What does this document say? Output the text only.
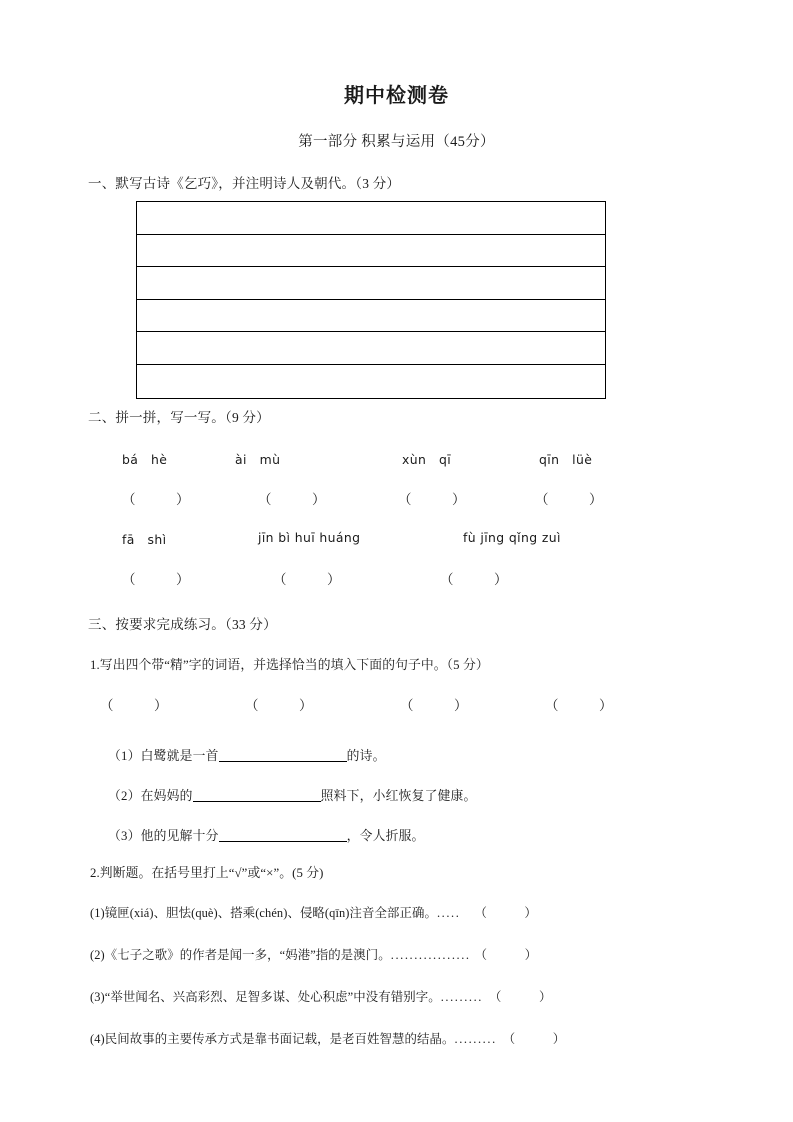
期中检测卷
第一部分 积累与运用（45分）
一、默写古诗《乞巧》，并注明诗人及朝代。（3 分）
二、拼一拼，写一写。（9 分）
bá　hè	ài　mù	xùn　qī	qīn　lüè
（　　　）	（　　　）	（　　　）	（　　　）
fā　shì	jīn bì huī huáng	fù jīng qǐng zuì
（　　　）	（　　　）	（　　　）
三、按要求完成练习。（33 分）
1.写出四个带“精”字的词语，并选择恰当的填入下面的句子中。（5 分）
（　　　）	（　　　）	（　　　）	（　　　）
（1）白鹭就是一首	的诗。
（2）在妈妈的	照料下，小红恢复了健康。
（3）他的见解十分	，令人折服。
2.判断题。在括号里打上“√”或“×”。(5 分)
(1)镜匣(xiá)、胆怯(què)、搭乘(chén)、侵略(qīn)注音全部正确。..... （　　　）
(2)《七子之歌》的作者是闻一多，“妈港”指的是澳门。................. （　　　）
(3)“举世闻名、兴高彩烈、足智多谋、处心积虑”中没有错别字。......... （　　　）
(4)民间故事的主要传承方式是靠书面记载，是老百姓智慧的结晶。......... （　　　）
